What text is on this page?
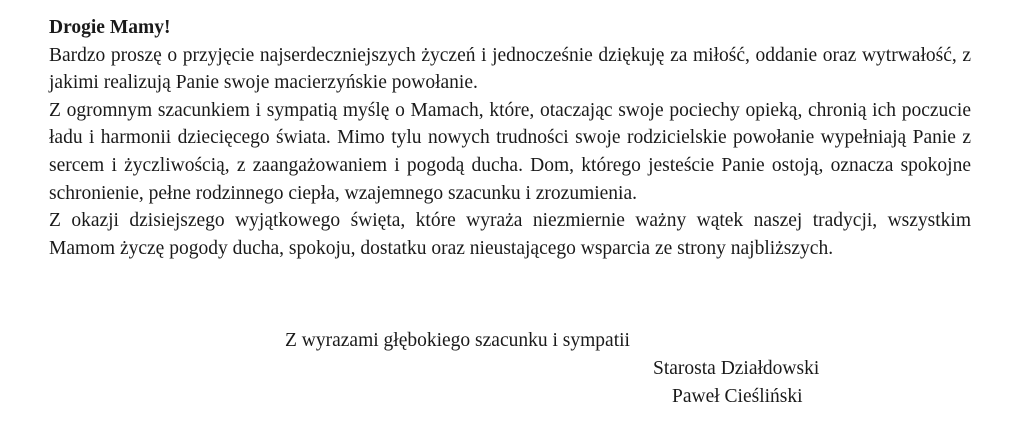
Drogie Mamy!

Bardzo proszę o przyjęcie najserdeczniejszych życzeń i jednocześnie dziękuję za miłość, oddanie oraz wytrwałość, z jakimi realizują Panie swoje macierzyńskie powołanie.

Z ogromnym szacunkiem i sympatią myślę o Mamach, które, otaczając swoje pociechy opieką, chronią ich poczucie ładu i harmonii dziecięcego świata. Mimo tylu nowych trudności swoje rodzicielskie powołanie wypełniają Panie z sercem i życzliwością, z zaangażowaniem i pogodą ducha. Dom, którego jesteście Panie ostoją, oznacza spokojne schronienie, pełne rodzinnego ciepła, wzajemnego szacunku i zrozumienia.

Z okazji dzisiejszego wyjątkowego święta, które wyraża niezmiernie ważny wątek naszej tradycji, wszystkim Mamom życzę pogody ducha, spokoju, dostatku oraz nieustającego wsparcia ze strony najbliższych.

Z wyrazami głębokiego szacunku i sympatii

Starosta Działdowski

Paweł Cieśliński
